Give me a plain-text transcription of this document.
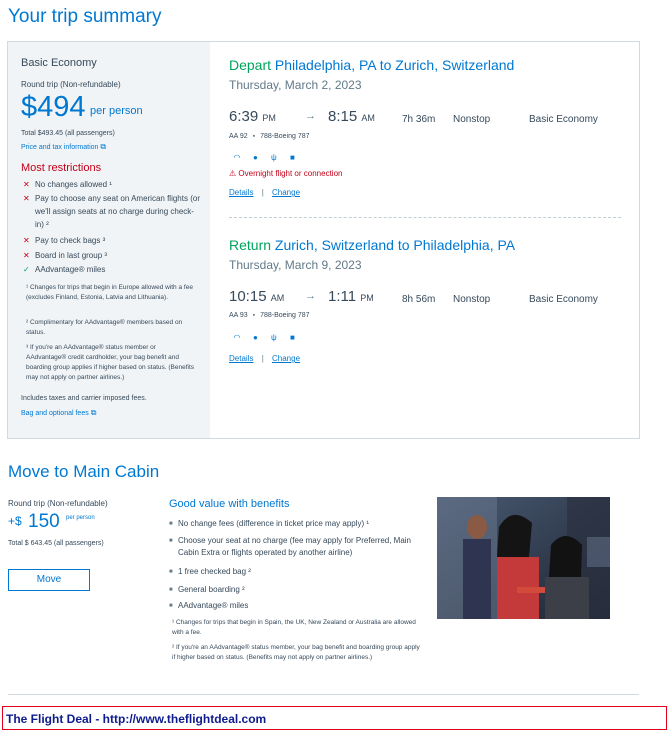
Your trip summary
Basic Economy
Round trip (Non-refundable)
$494 per person
Total $493.45 (all passengers)
Price and tax information ⧉
Most restrictions
✕ No changes allowed ¹
✕ Pay to choose any seat on American flights (or we'll assign seats at no charge during check-in) ²
✕ Pay to check bags ³
✕ Board in last group ³
✓ AAdvantage® miles
¹ Changes for trips that begin in Europe allowed with a fee (excludes Finland, Estonia, Latvia and Lithuania).
² Complimentary for AAdvantage® members based on status.
³ If you're an AAdvantage® status member or AAdvantage® credit cardholder, your bag benefit and boarding group applies if higher based on status. (Benefits may not apply on partner airlines.)
Includes taxes and carrier imposed fees.
Bag and optional fees ⧉
Depart Philadelphia, PA to Zurich, Switzerland
Thursday, March 2, 2023
6:39 PM	→ 8:15 AM	7h 36m Nonstop	Basic Economy
AA 92 ▪ 788-Boeing 787
◠ ● ψ ■
⚠ Overnight flight or connection
Details | Change
Return Zurich, Switzerland to Philadelphia, PA
Thursday, March 9, 2023
10:15 AM → 1:11 PM	8h 56m Nonstop	Basic Economy
AA 93 ▪ 788-Boeing 787
◠ ● ψ ■
Details | Change
Move to Main Cabin
Round trip (Non-refundable)
+$ 150 per person
Total $ 643.45 (all passengers)
Move
Good value with benefits
■ No change fees (difference in ticket price may apply) ¹
■ Choose your seat at no charge (fee may apply for Preferred, Main Cabin Extra or flights operated by another airline)
■ 1 free checked bag ²
■ General boarding ²
■ AAdvantage® miles
¹ Changes for trips that begin in Spain, the UK, New Zealand or Australia are allowed with a fee.
² If you're an AAdvantage® status member, your bag benefit and boarding group apply if higher based on status. (Benefits may not apply on partner airlines.)
The Flight Deal - http://www.theflightdeal.com
